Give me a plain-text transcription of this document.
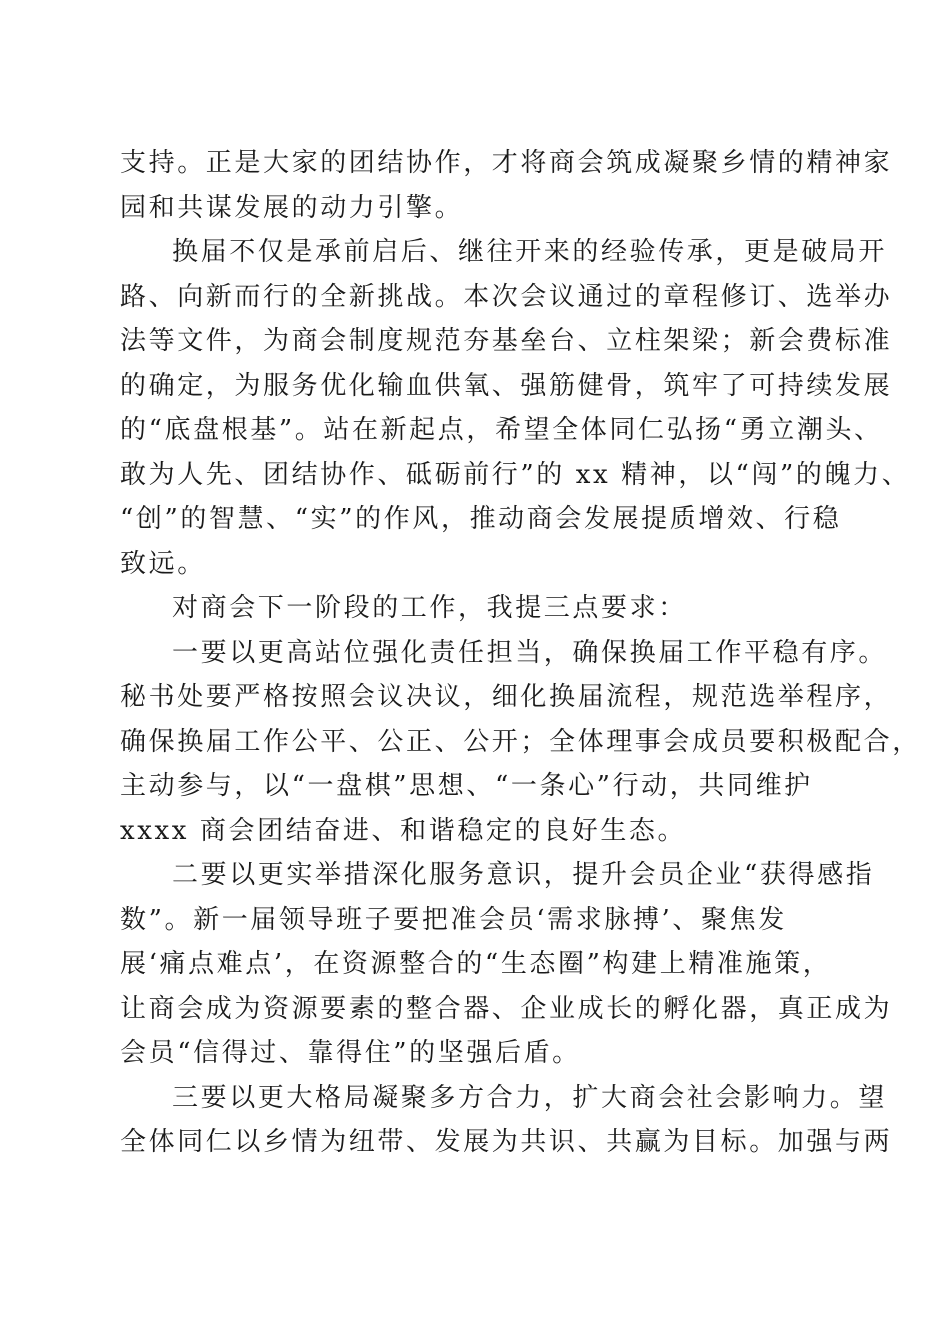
支持。正是大家的团结协作，才将商会筑成凝聚乡情的精神家
园和共谋发展的动力引擎。
换届不仅是承前启后、继往开来的经验传承，更是破局开
路、向新而行的全新挑战。本次会议通过的章程修订、选举办
法等文件，为商会制度规范夯基垒台、立柱架梁；新会费标准
的确定，为服务优化输血供氧、强筋健骨，筑牢了可持续发展
的“底盘根基”。站在新起点，希望全体同仁弘扬“勇立潮头、
敢为人先、团结协作、砥砺前行”的 xx 精神，以“闯”的魄力、
“创”的智慧、“实”的作风，推动商会发展提质增效、行稳
致远。
对商会下一阶段的工作，我提三点要求：
一要以更高站位强化责任担当，确保换届工作平稳有序。
秘书处要严格按照会议决议，细化换届流程，规范选举程序，
确保换届工作公平、公正、公开；全体理事会成员要积极配合，
主动参与，以“一盘棋”思想、“一条心”行动，共同维护
xxxx 商会团结奋进、和谐稳定的良好生态。
二要以更实举措深化服务意识，提升会员企业“获得感指
数”。新一届领导班子要把准会员‘需求脉搏’、聚焦发
展‘痛点难点’，在资源整合的“生态圈”构建上精准施策，
让商会成为资源要素的整合器、企业成长的孵化器，真正成为
会员“信得过、靠得住”的坚强后盾。
三要以更大格局凝聚多方合力，扩大商会社会影响力。望
全体同仁以乡情为纽带、发展为共识、共赢为目标。加强与两
